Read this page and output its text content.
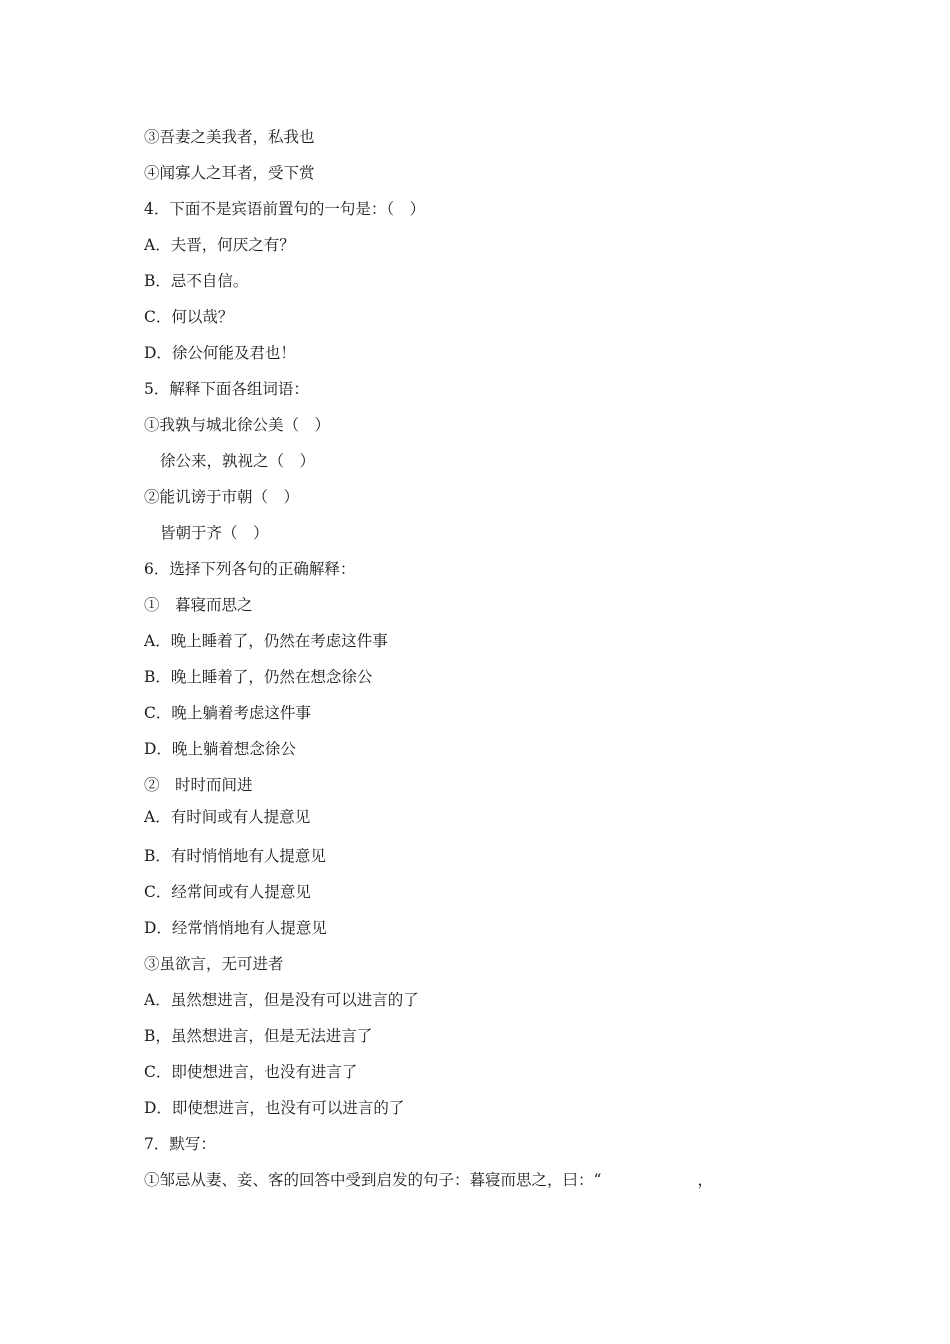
③吾妻之美我者，私我也
④闻寡人之耳者，受下赏
4．下面不是宾语前置句的一句是：（　）
A．夫晋，何厌之有？
B．忌不自信。
C．何以哉？
D．徐公何能及君也！
5．解释下面各组词语：
①我孰与城北徐公美（　）
徐公来，孰视之（　）
②能讥谤于市朝（　）
皆朝于齐（　）
6．选择下列各句的正确解释：
①　暮寝而思之
A．晚上睡着了，仍然在考虑这件事
B．晚上睡着了，仍然在想念徐公
C．晚上躺着考虑这件事
D．晚上躺着想念徐公
②　时时而间进
A．有时间或有人提意见
B．有时悄悄地有人提意见
C．经常间或有人提意见
D．经常悄悄地有人提意见
③虽欲言，无可进者
A．虽然想进言，但是没有可以进言的了
B，虽然想进言，但是无法进言了
C．即使想进言，也没有进言了
D．即使想进言，也没有可以进言的了
7．默写：
①邹忌从妻、妾、客的回答中受到启发的句子：暮寝而思之，曰：“	，
